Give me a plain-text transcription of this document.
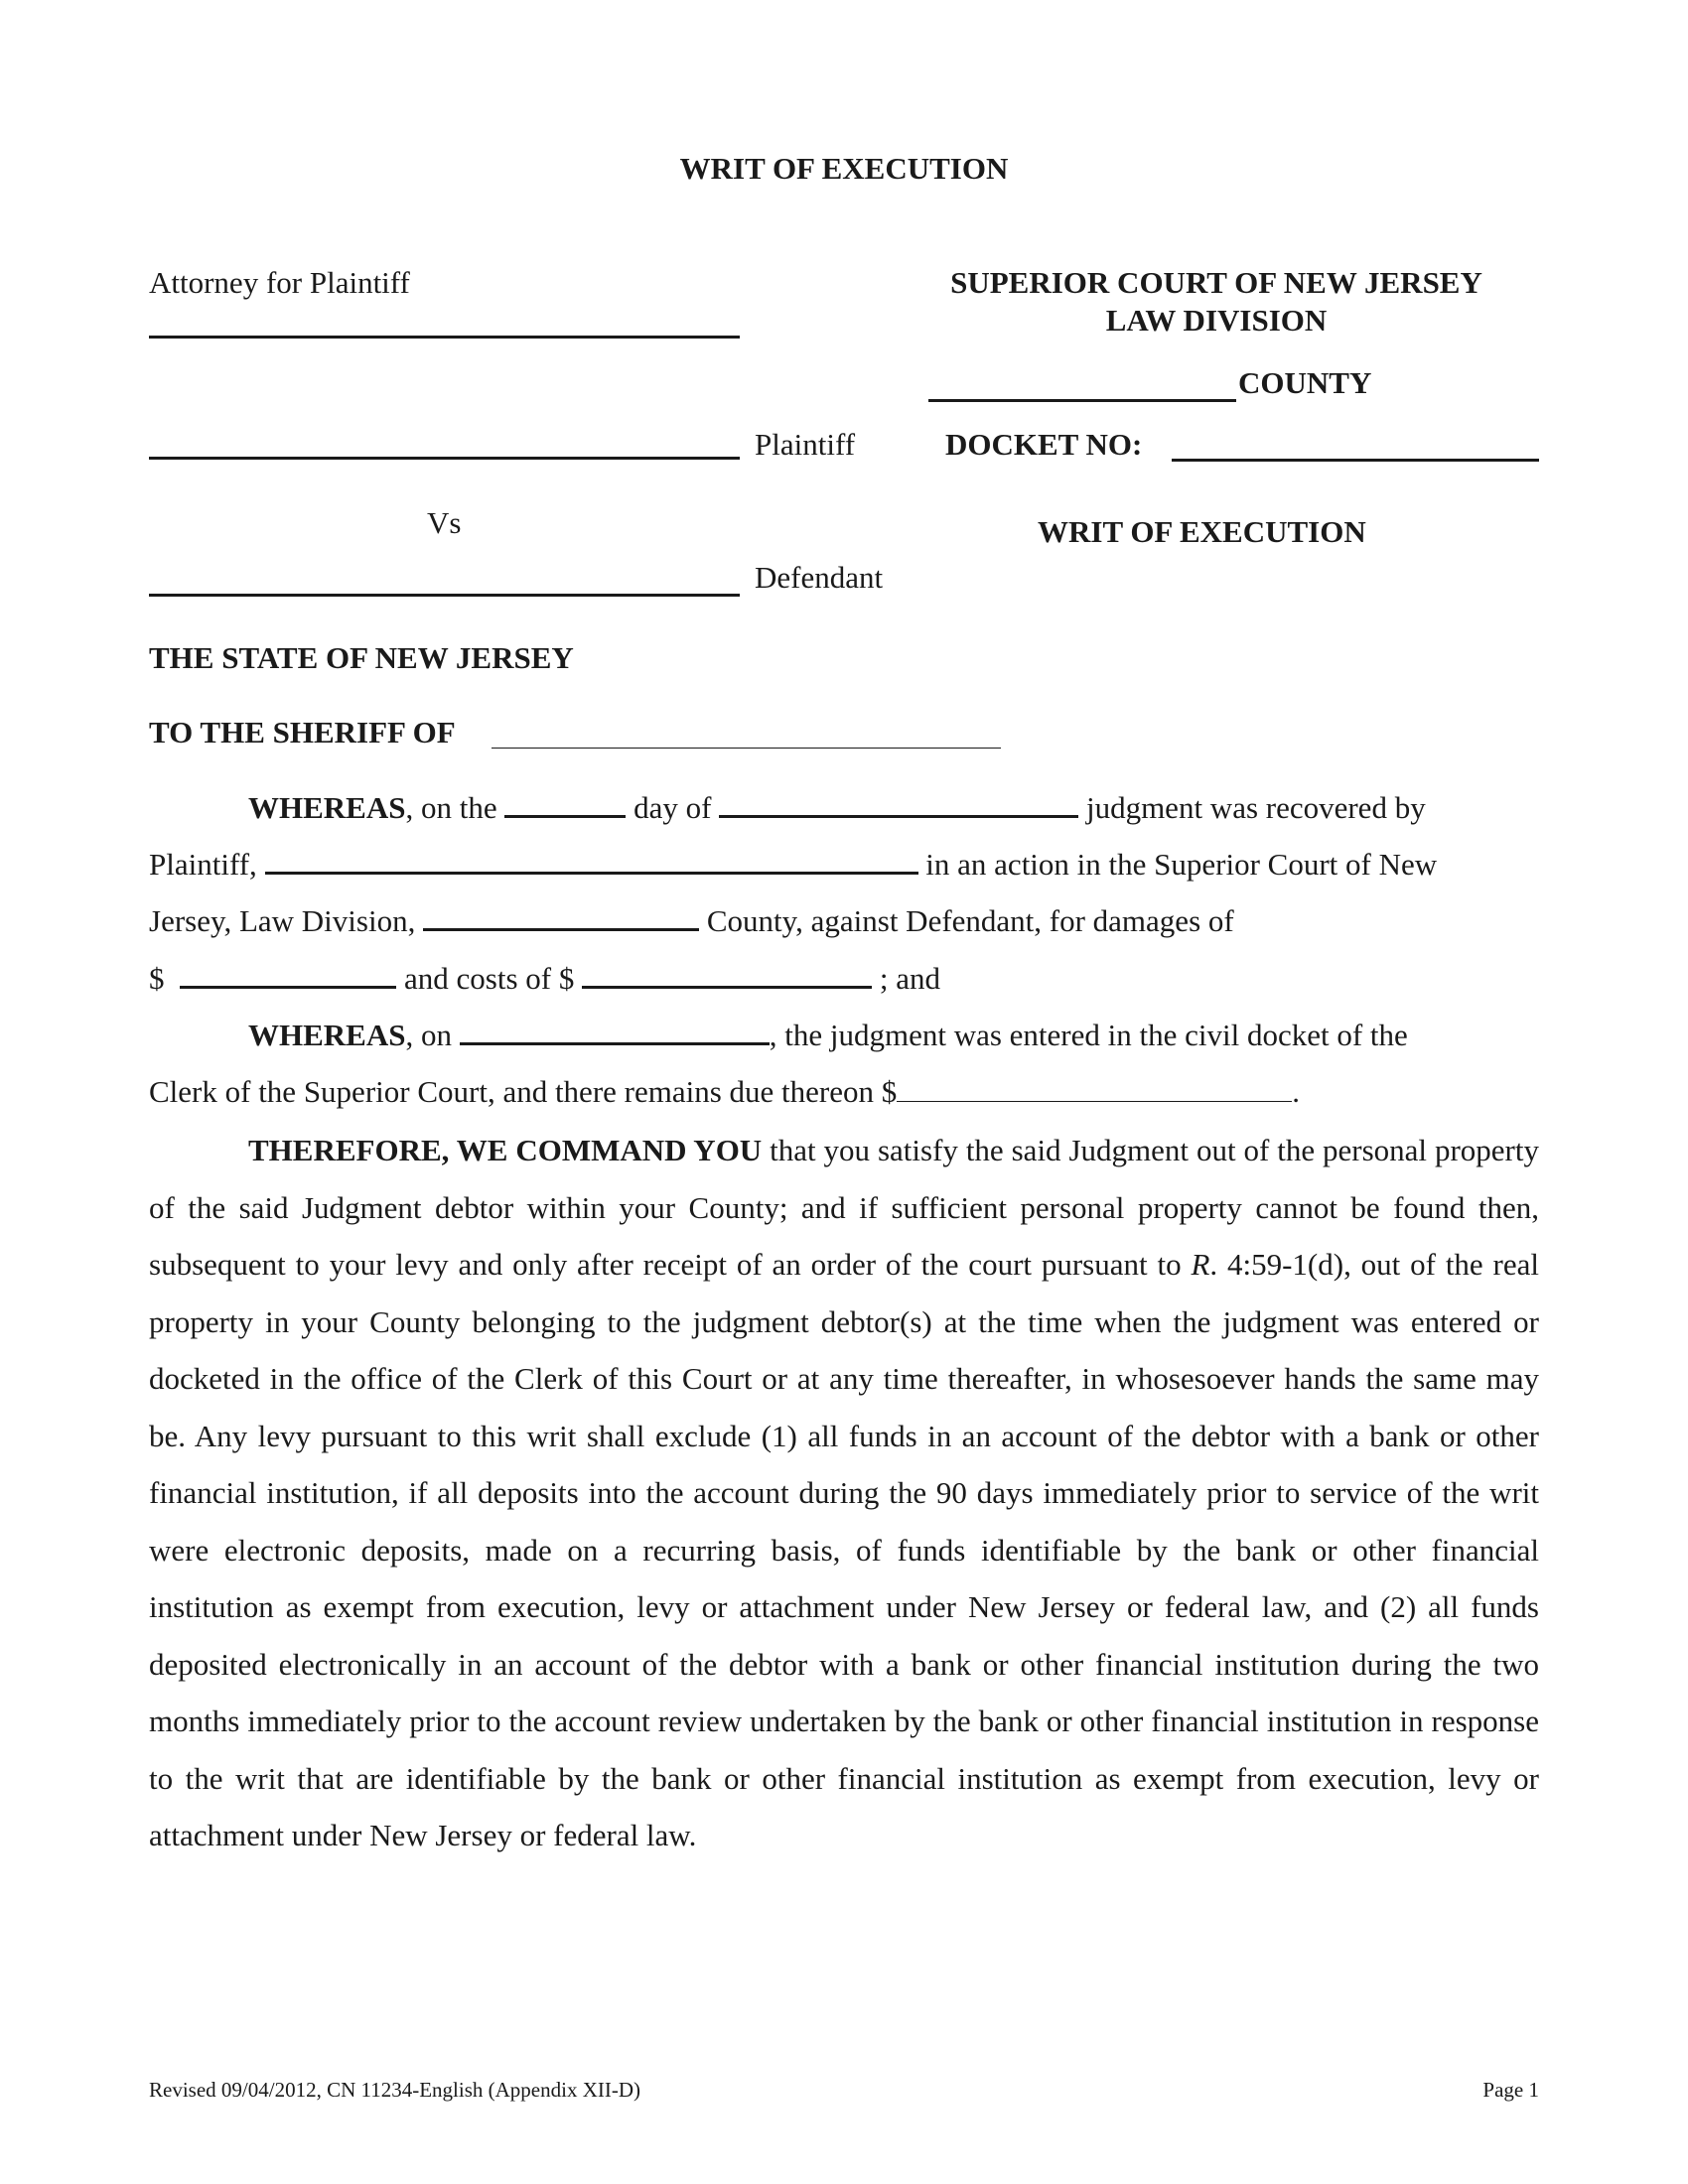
WRIT OF EXECUTION
Attorney for Plaintiff
Plaintiff
Vs
Defendant
SUPERIOR COURT OF NEW JERSEY
LAW DIVISION
COUNTY
DOCKET NO:
WRIT OF EXECUTION
THE STATE OF NEW JERSEY
TO THE SHERIFF OF
WHEREAS, on the	day of	judgment was recovered by
Plaintiff,	in an action in the Superior Court of New
Jersey, Law Division,	County, against Defendant, for damages of
$	and costs of $	; and
WHEREAS, on	, the judgment was entered in the civil docket of the
Clerk of the Superior Court, and there remains due thereon $	.
THEREFORE, WE COMMAND YOU that you satisfy the said Judgment out of the personal property of the said Judgment debtor within your County; and if sufficient personal property cannot be found then, subsequent to your levy and only after receipt of an order of the court pursuant to R. 4:59-1(d), out of the real property in your County belonging to the judgment debtor(s) at the time when the judgment was entered or docketed in the office of the Clerk of this Court or at any time thereafter, in whosesoever hands the same may be. Any levy pursuant to this writ shall exclude (1) all funds in an account of the debtor with a bank or other financial institution, if all deposits into the account during the 90 days immediately prior to service of the writ were electronic deposits, made on a recurring basis, of funds identifiable by the bank or other financial institution as exempt from execution, levy or attachment under New Jersey or federal law, and (2) all funds deposited electronically in an account of the debtor with a bank or other financial institution during the two months immediately prior to the account review undertaken by the bank or other financial institution in response to the writ that are identifiable by the bank or other financial institution as exempt from execution, levy or attachment under New Jersey or federal law.
Revised 09/04/2012, CN 11234-English (Appendix XII-D)	Page 1
